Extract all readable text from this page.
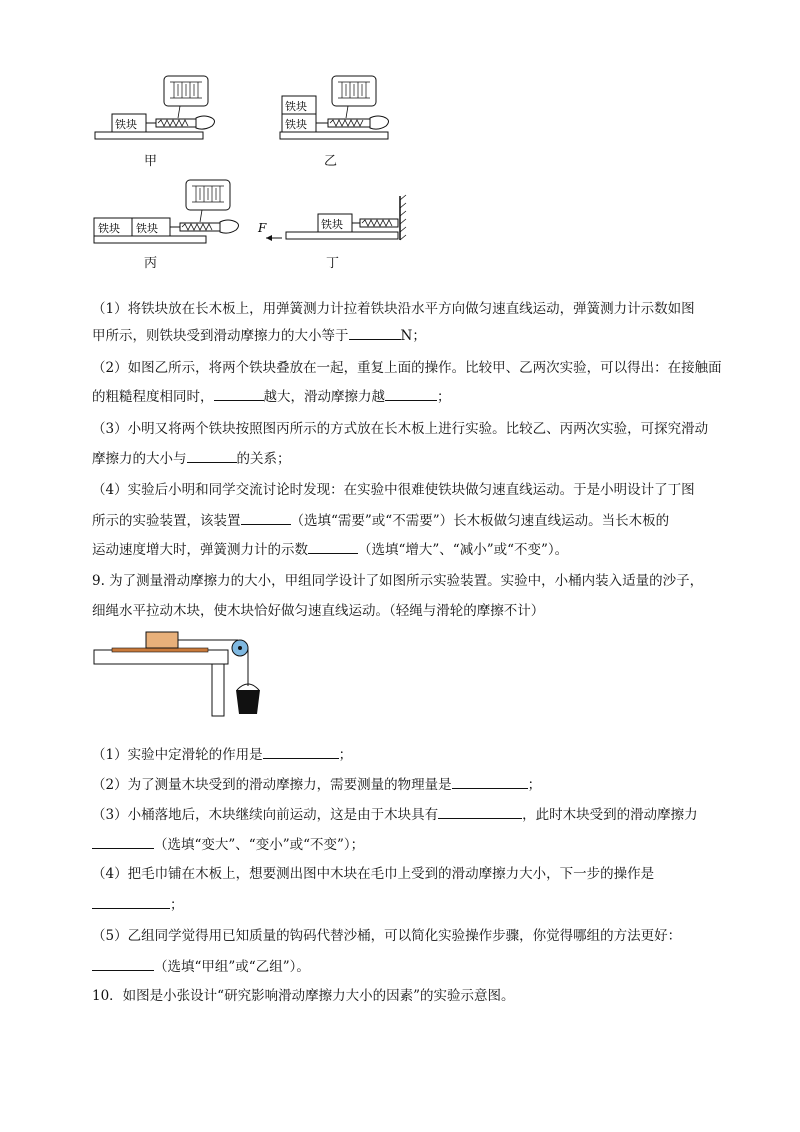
铁块
甲
铁块
铁块
乙
铁块 铁块
丙
F	铁块
丁
（1）将铁块放在长木板上，用弹簧测力计拉着铁块沿水平方向做匀速直线运动，弹簧测力计示数如图
甲所示，则铁块受到滑动摩擦力的大小等于	N；
（2）如图乙所示，将两个铁块叠放在一起，重复上面的操作。比较甲、乙两次实验，可以得出：在接触面
的粗糙程度相同时，	越大，滑动摩擦力越	；
（3）小明又将两个铁块按照图丙所示的方式放在长木板上进行实验。比较乙、丙两次实验，可探究滑动
摩擦力的大小与	的关系；
（4）实验后小明和同学交流讨论时发现：在实验中很难使铁块做匀速直线运动。于是小明设计了丁图
所示的实验装置，该装置	（选填“需要”或“不需要”）长木板做匀速直线运动。当长木板的
运动速度增大时，弹簧测力计的示数	（选填“增大”、“减小”或“不变”）。
9. 为了测量滑动摩擦力的大小，甲组同学设计了如图所示实验装置。实验中，小桶内装入适量的沙子，
细绳水平拉动木块，使木块恰好做匀速直线运动。（轻绳与滑轮的摩擦不计）
（1）实验中定滑轮的作用是	；
（2）为了测量木块受到的滑动摩擦力，需要测量的物理量是	；
（3）小桶落地后，木块继续向前运动，这是由于木块具有	，此时木块受到的滑动摩擦力
（选填“变大”、“变小”或“不变”）；
（4）把毛巾铺在木板上，想要测出图中木块在毛巾上受到的滑动摩擦力大小，下一步的操作是
；
（5）乙组同学觉得用已知质量的钩码代替沙桶，可以简化实验操作步骤，你觉得哪组的方法更好：
（选填“甲组”或“乙组”）。
10．如图是小张设计“研究影响滑动摩擦力大小的因素”的实验示意图。
